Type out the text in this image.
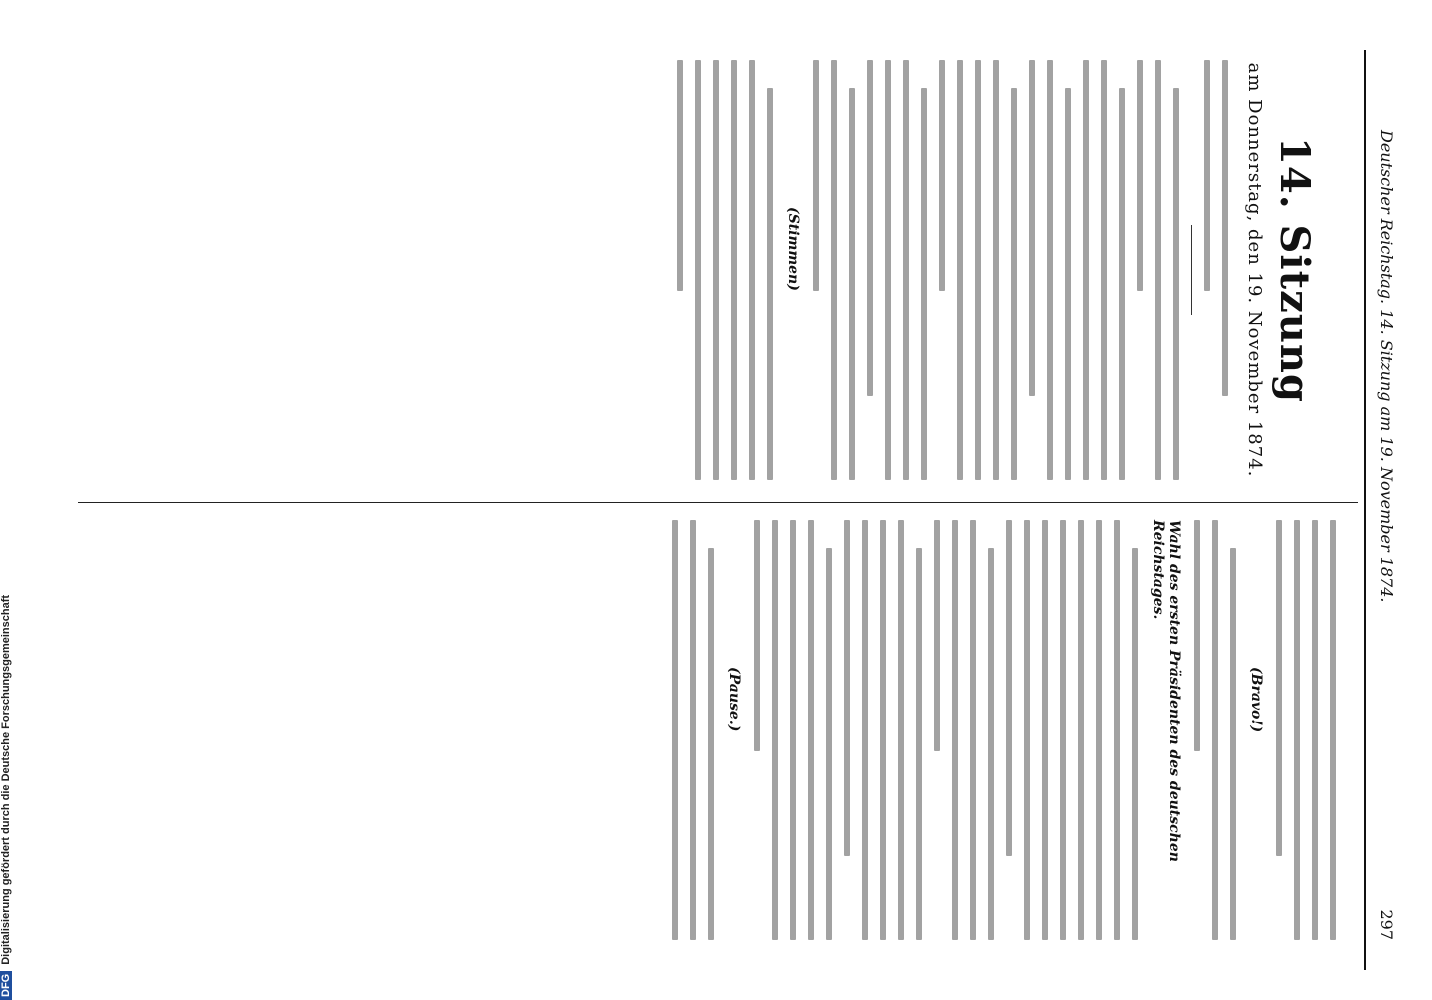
Deutscher Reichstag. 14. Sitzung am 19. November 1874.
297
14. Sitzung
am Donnerstag, den 19. November 1874.
(Stimmen)
(Bravo!)
Wahl des ersten Präsidenten des deutschen Reichstages.
(Pause.)
DFGDigitalisierung gefördert durch die Deutsche Forschungsgemeinschaft
